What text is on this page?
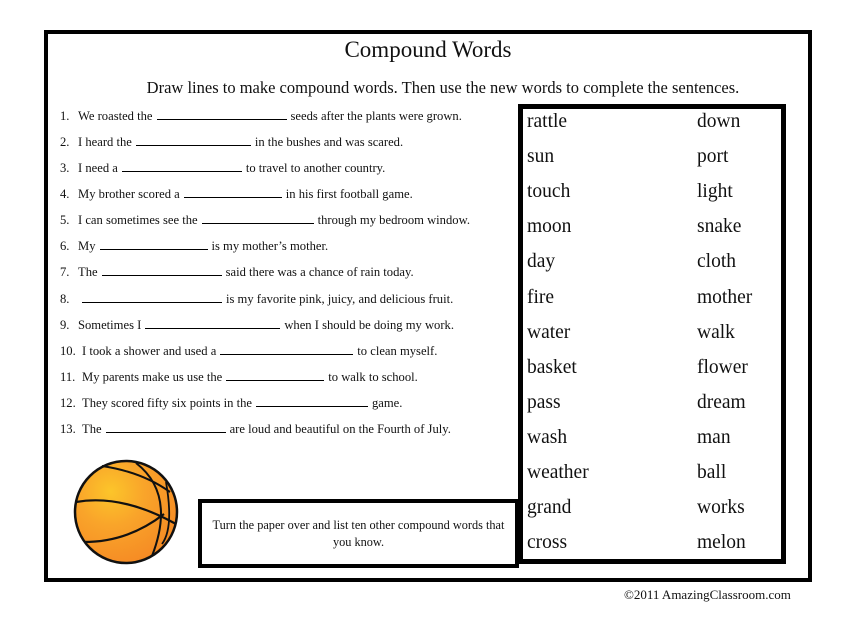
Compound Words
Draw lines to make compound words. Then use the new words to complete the sentences.
1. We roasted the	seeds after the plants were grown.
2. I heard the	in the bushes and was scared.
3. I need a	to travel to another country.
4. My brother scored a	in his first football game.
5. I can sometimes see the	through my bedroom window.
6. My	is my mother’s mother.
7. The	said there was a chance of rain today.
8.	is my favorite pink, juicy, and delicious fruit.
9. Sometimes I	when I should be doing my work.
10. I took a shower and used a	to clean myself.
11. My parents make us use the	to walk to school.
12. They scored fifty six points in the	game.
13. The	are loud and beautiful on the Fourth of July.
rattle	down
sun	port
touch	light
moon	snake
day	cloth
fire	mother
water	walk
basket	flower
pass	dream
wash	man
weather	ball
grand	works
cross	melon
Turn the paper over and list ten other compound words that you know.
©2011 AmazingClassroom.com
